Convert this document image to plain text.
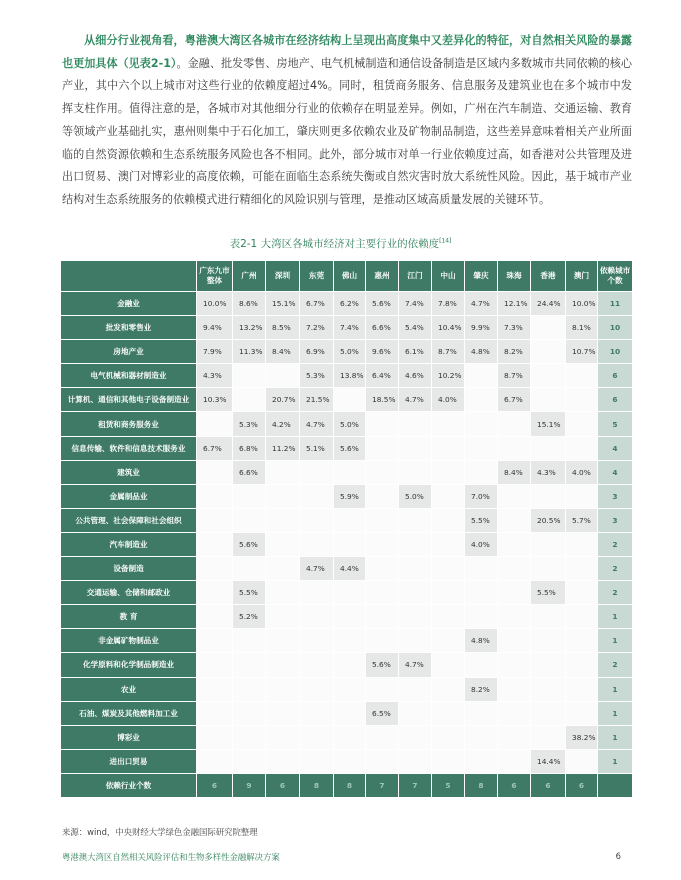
从细分行业视角看，粤港澳大湾区各城市在经济结构上呈现出高度集中又差异化的特征，对自然相关风险的暴露也更加具体（见表2-1）。金融、批发零售、房地产、电气机械制造和通信设备制造是区域内多数城市共同依赖的核心产业，其中六个以上城市对这些行业的依赖度超过4%。同时，租赁商务服务、信息服务及建筑业也在多个城市中发挥支柱作用。值得注意的是，各城市对其他细分行业的依赖存在明显差异。例如，广州在汽车制造、交通运输、教育等领域产业基础扎实，惠州则集中于石化加工，肇庆则更多依赖农业及矿物制品制造，这些差异意味着相关产业所面临的自然资源依赖和生态系统服务风险也各不相同。此外，部分城市对单一行业依赖度过高，如香港对公共管理及进出口贸易、澳门对博彩业的高度依赖，可能在面临生态系统失衡或自然灾害时放大系统性风险。因此，基于城市产业结构对生态系统服务的依赖模式进行精细化的风险识别与管理，是推动区域高质量发展的关键环节。
表2-1 大湾区各城市经济对主要行业的依赖度[14]
	广东九市整体	广州	深圳	东莞	佛山	惠州	江门	中山	肇庆	珠海	香港	澳门	依赖城市个数
金融业	10.0%	8.6%	15.1%	6.7%	6.2%	5.6%	7.4%	7.8%	4.7%	12.1%	24.4%	10.0%	11
批发和零售业	9.4%	13.2%	8.5%	7.2%	7.4%	6.6%	5.4%	10.4%	9.9%	7.3%		8.1%	10
房地产业	7.9%	11.3%	8.4%	6.9%	5.0%	9.6%	6.1%	8.7%	4.8%	8.2%		10.7%	10
电气机械和器材制造业	4.3%			5.3%	13.8%	6.4%	4.6%	10.2%		8.7%			6
计算机、通信和其他电子设备制造业	10.3%		20.7%	21.5%		18.5%	4.7%	4.0%		6.7%			6
租赁和商务服务业		5.3%	4.2%	4.7%	5.0%						15.1%		5
信息传输、软件和信息技术服务业	6.7%	6.8%	11.2%	5.1%	5.6%								4
建筑业		6.6%								8.4%	4.3%	4.0%	4
金属制品业					5.9%		5.0%		7.0%				3
公共管理、社会保障和社会组织									5.5%		20.5%	5.7%	3
汽车制造业		5.6%							4.0%				2
设备制造				4.7%	4.4%								2
交通运输、仓储和邮政业		5.5%									5.5%		2
教 育		5.2%											1
非金属矿物制品业									4.8%				1
化学原料和化学制品制造业						5.6%	4.7%						2
农业									8.2%				1
石油、煤炭及其他燃料加工业						6.5%							1
博彩业												38.2%	1
进出口贸易											14.4%		1
依赖行业个数	6	9	6	8	8	7	7	5	8	6	6	6	
来源：wind，中央财经大学绿色金融国际研究院整理
粤港澳大湾区自然相关风险评估和生物多样性金融解决方案	6
